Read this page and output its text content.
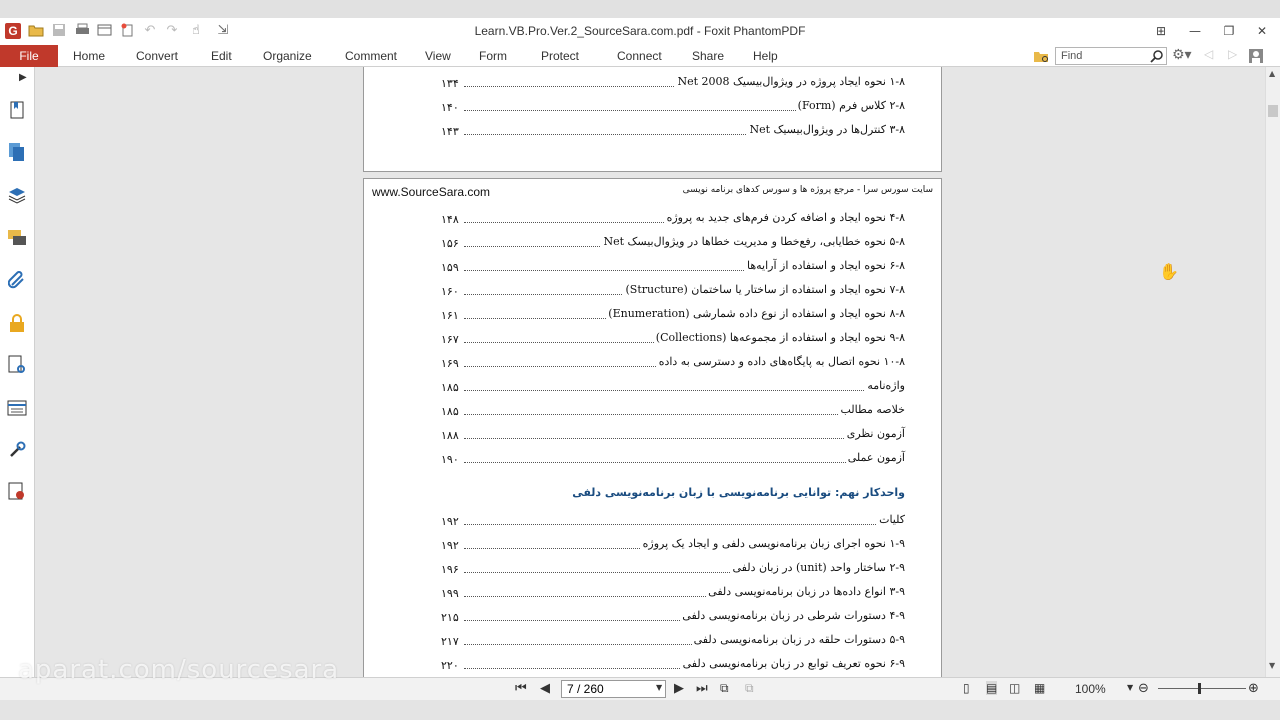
G	↶ ↷	☝	⇲	Learn.VB.Pro.Ver.2_SourceSara.com.pdf - Foxit PhantomPDF	⊞	—	❐	✕
File	Home	Convert	Edit	Organize	Comment View Form	Protect	Connect	Share Help	Find	⚙▾ ◁ ▷
▶	۱۳۴	۱-۸ نحوه ایجاد پروژه در ویژوال‌بیسیک Net 2008
۱۴۰	۲-۸ کلاس فرم (Form)
۱۴۳	۳-۸ کنترل‌ها در ویژوال‌بیسیک Net
www.SourceSara.com	سایت سورس سرا - مرجع پروژه ها و سورس کدهای برنامه نویسی
۱۴۸	۴-۸ نحوه ایجاد و اضافه کردن فرم‌های جدید به پروژه
۱۵۶	۵-۸ نحوه خطایابی، رفع‌خطا و مدیریت خطاها در ویژوال‌بیسک Net
۱۵۹	۶-۸ نحوه ایجاد و استفاده از آرایه‌ها
۱۶۰	۷-۸ نحوه ایجاد و استفاده از ساختار یا ساختمان (Structure)
۱۶۱	۸-۸ نحوه ایجاد و استفاده از نوع داده شمارشی (Enumeration)
۱۶۷	۹-۸ نحوه ایجاد و استفاده از مجموعه‌ها (Collections)
۱۶۹	۱۰-۸ نحوه اتصال به پایگاه‌های داده و دسترسی به داده
۱۸۵	واژه‌نامه
۱۸۵	خلاصه مطالب
۱۸۸	آزمون نظری
۱۹۰	آزمون عملی
واحدکار نهم: توانایی برنامه‌نویسی با زبان برنامه‌نویسی دلفی
۱۹۲	کلیات
۱۹۲	۱-۹ نحوه اجرای زبان برنامه‌نویسی دلفی و ایجاد یک پروژه
۱۹۶	۲-۹ ساختار واحد (unit) در زبان دلفی
۱۹۹	۳-۹ انواع داده‌ها در زبان برنامه‌نویسی دلفی
۲۱۵	۴-۹ دستورات شرطی در زبان برنامه‌نویسی دلفی
۲۱۷	۵-۹ دستورات حلقه در زبان برنامه‌نویسی دلفی
۲۲۰	۶-۹ نحوه تعریف توابع در زبان برنامه‌نویسی دلفی
✋
▲
▼
⏮ ◀	7 / 260	▼ ▶ ⏭ ⧉ ⧉	▯ ▤ ◫ ▦ 100%	▼ ⊖	⊕
aparat.com/sourcesara
